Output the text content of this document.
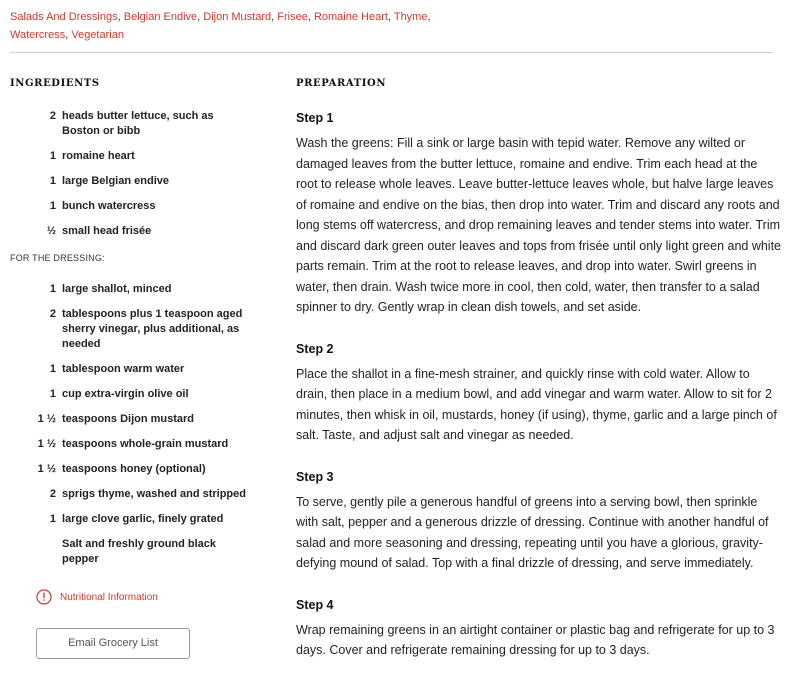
Salads And Dressings, Belgian Endive, Dijon Mustard, Frisee, Romaine Heart, Thyme,
Watercress, Vegetarian
INGREDIENTS	PREPARATION
2 heads butter lettuce, such as Boston or bibb
1 romaine heart
1 large Belgian endive
1 bunch watercress
½ small head frisée
FOR THE DRESSING:
1 large shallot, minced
2 tablespoons plus 1 teaspoon aged sherry vinegar, plus additional, as needed
1 tablespoon warm water
1 cup extra-virgin olive oil
1 ½ teaspoons Dijon mustard
1 ½ teaspoons whole-grain mustard
1 ½ teaspoons honey (optional)
2 sprigs thyme, washed and stripped
1 large clove garlic, finely grated
Salt and freshly ground black pepper
Nutritional Information
Email Grocery List
Step 1
Wash the greens: Fill a sink or large basin with tepid water. Remove any wilted or damaged leaves from the butter lettuce, romaine and endive. Trim each head at the root to release whole leaves. Leave butter-lettuce leaves whole, but halve large leaves of romaine and endive on the bias, then drop into water. Trim and discard any roots and long stems off watercress, and drop remaining leaves and tender stems into water. Trim and discard dark green outer leaves and tops from frisée until only light green and white parts remain. Trim at the root to release leaves, and drop into water. Swirl greens in water, then drain. Wash twice more in cool, then cold, water, then transfer to a salad spinner to dry. Gently wrap in clean dish towels, and set aside.
Step 2
Place the shallot in a fine-mesh strainer, and quickly rinse with cold water. Allow to drain, then place in a medium bowl, and add vinegar and warm water. Allow to sit for 2 minutes, then whisk in oil, mustards, honey (if using), thyme, garlic and a large pinch of salt. Taste, and adjust salt and vinegar as needed.
Step 3
To serve, gently pile a generous handful of greens into a serving bowl, then sprinkle with salt, pepper and a generous drizzle of dressing. Continue with another handful of salad and more seasoning and dressing, repeating until you have a glorious, gravity-defying mound of salad. Top with a final drizzle of dressing, and serve immediately.
Step 4
Wrap remaining greens in an airtight container or plastic bag and refrigerate for up to 3 days. Cover and refrigerate remaining dressing for up to 3 days.
